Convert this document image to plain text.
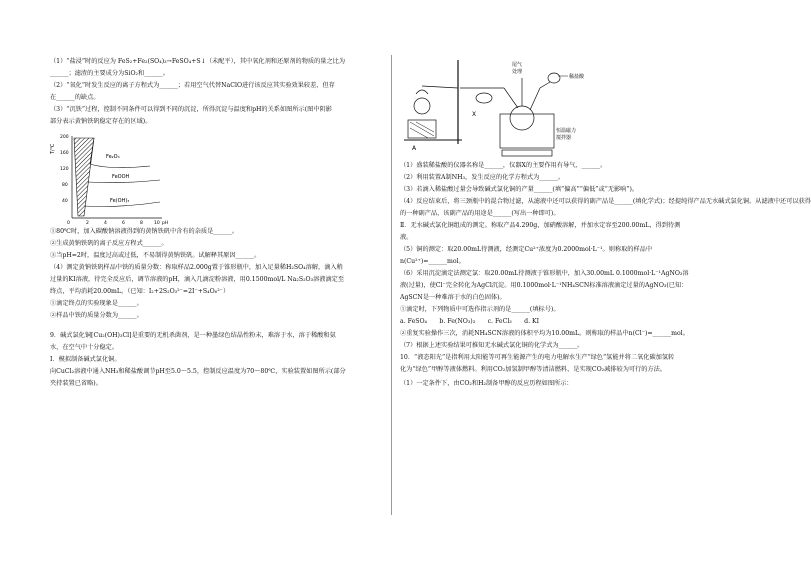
（1）“盐浸”时的反应为 FeS₂+Fe₂(SO₄)₃→FeSO₄+S↓（未配平），其中氧化剂和还原剂的物质的量之比为

______；滤渣的主要成分为SiO₂和______。

（2）“氧化”时发生反应的离子方程式为______；若用空气代替NaClO进行该反应其实验效果较差，但存

在______的缺点。

（3）“沉铁”过程，控制不同条件可以得到不同的沉淀，所得沉淀与温度和pH的关系如图所示(图中阴影

部分表示黄钠铁矾稳定存在的区域)。

T/℃
200
160
120
80
40
0	2	4	6	8 10 pH
Fe₂O₃
FeOOH
Fe(OH)₃

①80℃时，加入碳酸钠溶液得到的黄钠铁矾中含有的杂质是______。

②生成黄钠铁矾的离子反应方程式______。

③当pH=2时，温度过高或过低，不易制得黄钠铁矾。试解释其原因______。

（4）测定黄钠铁矾样品中铁的质量分数：称取样品2.000g置于锥形瓶中，加入足量稀H₂SO₄溶解，滴入稍

过量的KI溶液，待完全反应后，调节溶液的pH，滴入几滴淀粉溶液，用0.1500mol/L Na₂S₂O₃溶液滴定至

终点，平均消耗20.00mL。（已知：I₂+2S₂O₃²⁻=2I⁻+S₄O₆²⁻）

①滴定终点的实验现象是______。

②样品中铁的质量分数为______。

9．碱式氯化铜[Cu₂(OH)₃Cl]是重要的无机杀菌剂，是一种墨绿色结晶性粉末，难溶于水，溶于稀酸和氨

水，在空气中十分稳定。

Ⅰ．模拟制备碱式氯化铜。

向CuCl₂溶液中通入NH₃和稀盐酸调节pH至5.0～5.5，控制反应温度为70～80℃，实验装置如图所示(部分

夹持装置已省略)。

A
X
稀盐酸
尾气
处理
恒温磁力
搅拌器

（1）盛装稀盐酸的仪器名称是______，仪器X的主要作用有导气、______。

（2）利用装置A制NH₃，发生反应的化学方程式为______。

（3）若滴入稀盐酸过量会导致碱式氯化铜的产量______(填“偏高”“偏低”或“无影响”)。

（4）反应结束后，将三颈瓶中的混合物过滤，从滤液中还可以获得的副产品是______(填化学式)；经提纯得产品无水碱式氯化铜。从滤液中还可以获得

的一种副产品，该副产品的用途是______(写出一种即可)。

Ⅱ．无水碱式氯化铜组成的测定。称取产品4.290g，加硝酸溶解，并加水定容至200.00mL，得到待测

液。

（5）铜的测定：取20.00mL待测液，经测定Cu²⁺浓度为0.2000mol·L⁻¹。则称取的样品中

n(Cu²⁺)=______mol。

（6）采用沉淀滴定法测定氯：取20.00mL待测液于锥形瓶中，加入30.00mL 0.1000mol·L⁻¹AgNO₃溶

液(过量)，使Cl⁻完全转化为AgCl沉淀。用0.1000mol·L⁻¹NH₄SCN标准溶液滴定过量的AgNO₃(已知：

AgSCN是一种难溶于水的白色固体)。

①滴定时，下列物质中可选作指示剂的是______(填标号)。

a. FeSO₄　　b. Fe(NO₃)₃　　c. FeCl₃　　d. KI

②重复实验操作三次，消耗NH₄SCN溶液的体积平均为10.00mL。则称取的样品中n(Cl⁻)=______mol。

（7）根据上述实验结果可推知无水碱式氯化铜的化学式为______。

10．“液态阳光”是指利用太阳能等可再生能源产生的电力电解水生产“绿色”氢能并将二氧化碳加氢转

化为“绿色”甲醇等液体燃料。利用CO₂加氢制甲醇等清洁燃料，是实现CO₂减排较为可行的方法。

（1）一定条件下，由CO₂和H₂制备甲醇的反应历程如图所示：
